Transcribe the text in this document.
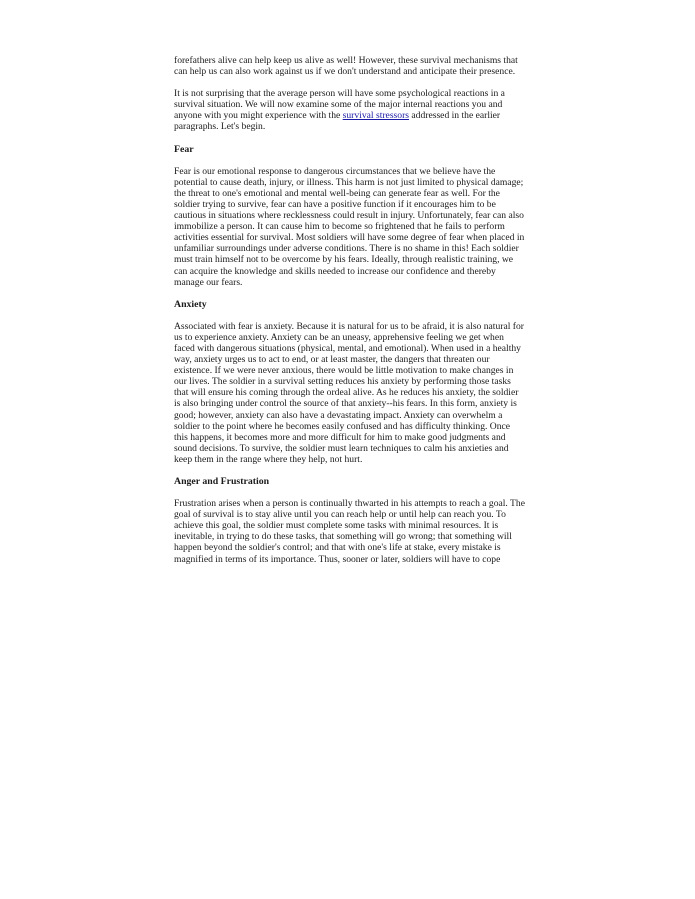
forefathers alive can help keep us alive as well! However, these survival mechanisms that can help us can also work against us if we don't understand and anticipate their presence.

It is not surprising that the average person will have some psychological reactions in a survival situation. We will now examine some of the major internal reactions you and anyone with you might experience with the survival stressors addressed in the earlier paragraphs. Let's begin.

Fear

Fear is our emotional response to dangerous circumstances that we believe have the potential to cause death, injury, or illness. This harm is not just limited to physical damage; the threat to one's emotional and mental well-being can generate fear as well. For the soldier trying to survive, fear can have a positive function if it encourages him to be cautious in situations where recklessness could result in injury. Unfortunately, fear can also immobilize a person. It can cause him to become so frightened that he fails to perform activities essential for survival. Most soldiers will have some degree of fear when placed in unfamiliar surroundings under adverse conditions. There is no shame in this! Each soldier must train himself not to be overcome by his fears. Ideally, through realistic training, we can acquire the knowledge and skills needed to increase our confidence and thereby manage our fears.

Anxiety

Associated with fear is anxiety. Because it is natural for us to be afraid, it is also natural for us to experience anxiety. Anxiety can be an uneasy, apprehensive feeling we get when faced with dangerous situations (physical, mental, and emotional). When used in a healthy way, anxiety urges us to act to end, or at least master, the dangers that threaten our existence. If we were never anxious, there would be little motivation to make changes in our lives. The soldier in a survival setting reduces his anxiety by performing those tasks that will ensure his coming through the ordeal alive. As he reduces his anxiety, the soldier is also bringing under control the source of that anxiety--his fears. In this form, anxiety is good; however, anxiety can also have a devastating impact. Anxiety can overwhelm a soldier to the point where he becomes easily confused and has difficulty thinking. Once this happens, it becomes more and more difficult for him to make good judgments and sound decisions. To survive, the soldier must learn techniques to calm his anxieties and keep them in the range where they help, not hurt.

Anger and Frustration

Frustration arises when a person is continually thwarted in his attempts to reach a goal. The goal of survival is to stay alive until you can reach help or until help can reach you. To achieve this goal, the soldier must complete some tasks with minimal resources. It is inevitable, in trying to do these tasks, that something will go wrong; that something will happen beyond the soldier's control; and that with one's life at stake, every mistake is magnified in terms of its importance. Thus, sooner or later, soldiers will have to cope
